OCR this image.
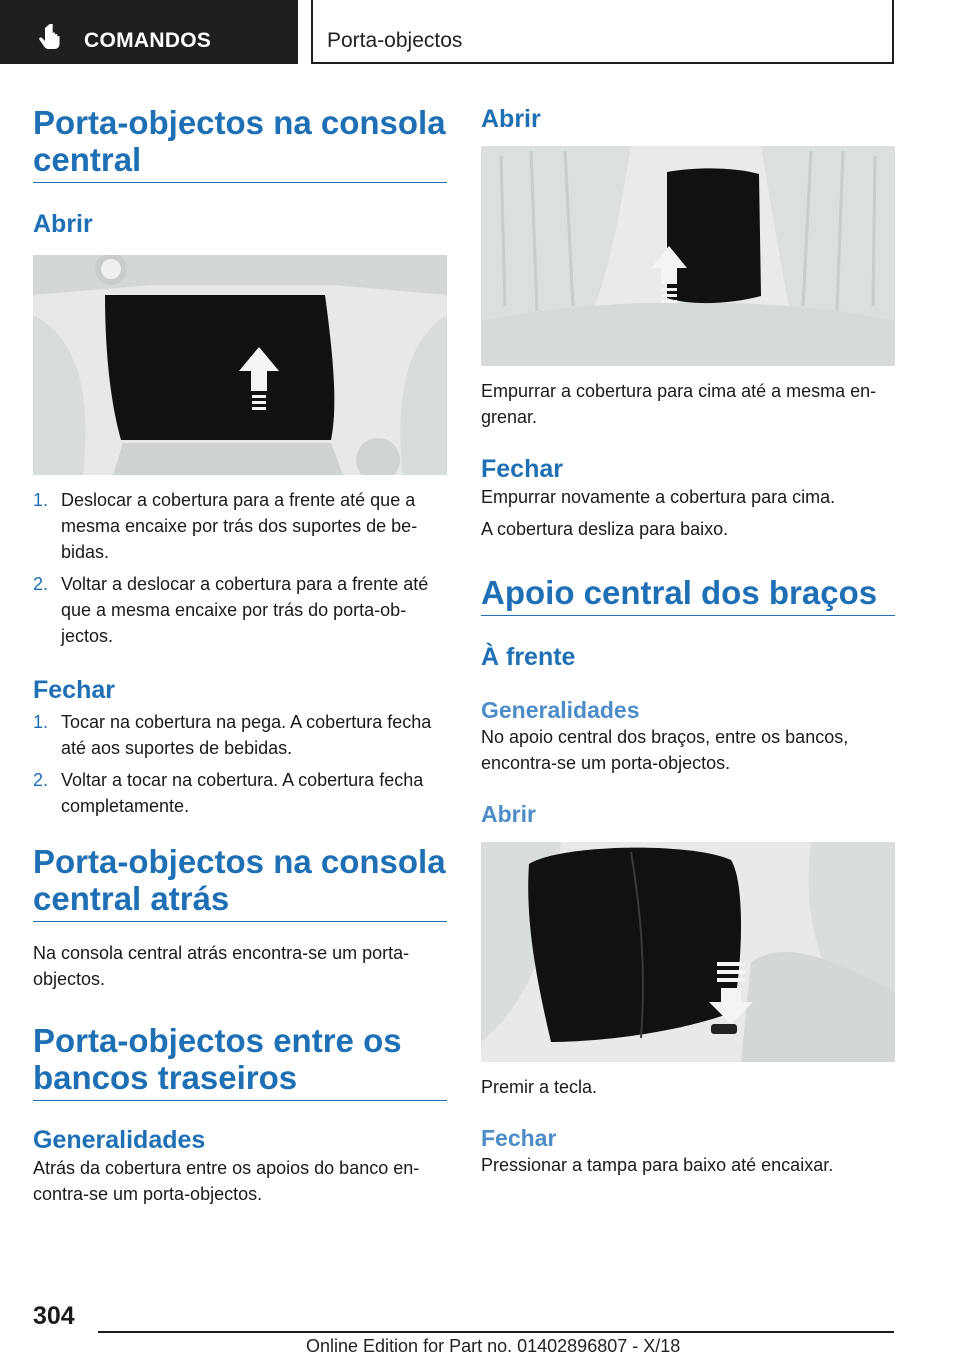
COMANDOS	Porta-objectos
Porta-objectos na consola central
Abrir
1. Deslocar a cobertura para a frente até que a mesma encaixe por trás dos suportes de bebidas.
2. Voltar a deslocar a cobertura para a frente até que a mesma encaixe por trás do porta-objectos.
Fechar
1. Tocar na cobertura na pega. A cobertura fecha até aos suportes de bebidas.
2. Voltar a tocar na cobertura. A cobertura fecha completamente.
Porta-objectos na consola central atrás

Na consola central atrás encontra-se um porta-objectos.

Porta-objectos entre os bancos traseiros
Generalidades

Atrás da cobertura entre os apoios do banco encontra-se um porta-objectos.

Abrir

Empurrar a cobertura para cima até a mesma engrenar.

Fechar

Empurrar novamente a cobertura para cima.

A cobertura desliza para baixo.

Apoio central dos braços
À frente
Generalidades

No apoio central dos braços, entre os bancos, encontra-se um porta-objectos.

Abrir

Premir a tecla.

Fechar

Pressionar a tampa para baixo até encaixar.

304
Online Edition for Part no. 01402896807 - X/18
